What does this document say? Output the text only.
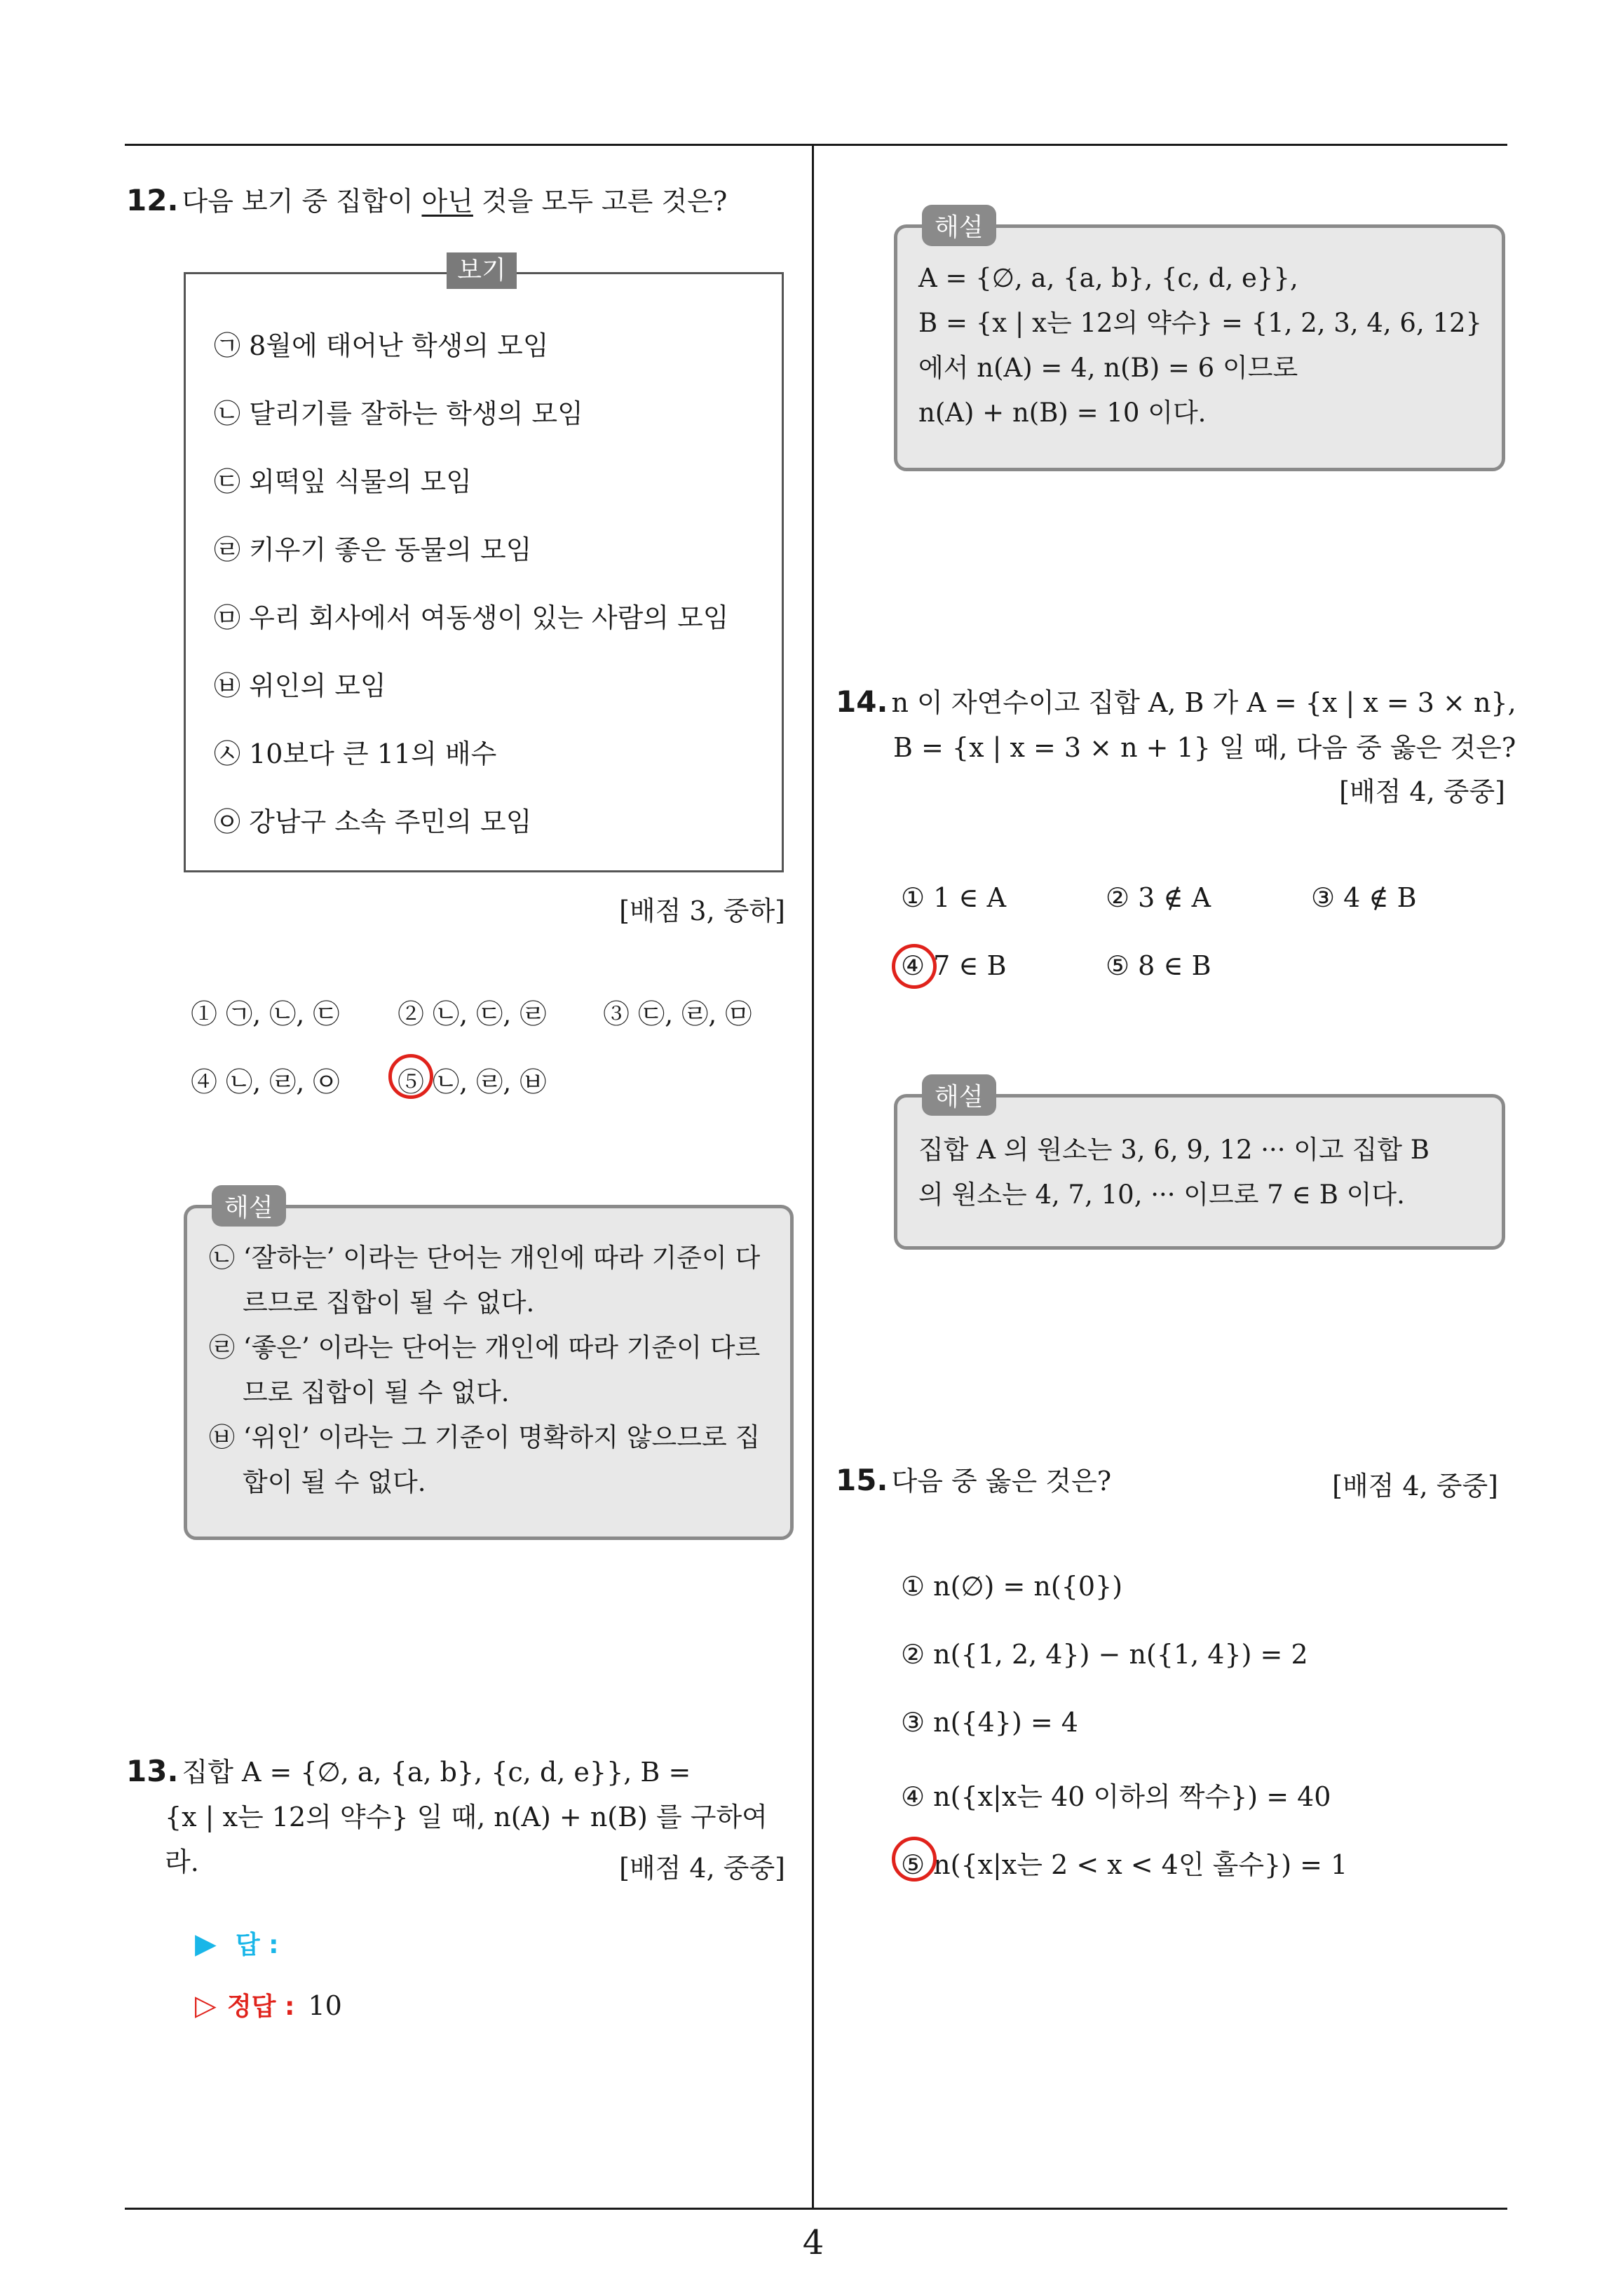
4
12. 다음 보기 중 집합이 아닌 것을 모두 고른 것은?
보기
㉠ 8월에 태어난 학생의 모임
㉡ 달리기를 잘하는 학생의 모임
㉢ 외떡잎 식물의 모임
㉣ 키우기 좋은 동물의 모임
㉤ 우리 회사에서 여동생이 있는 사람의 모임
㉥ 위인의 모임
㉦ 10보다 큰 11의 배수
㉧ 강남구 소속 주민의 모임
[배점 3, 중하]
① ㉠, ㉡, ㉢ ② ㉡, ㉢, ㉣ ③ ㉢, ㉣, ㉤
④ ㉡, ㉣, ㉧ ⑤ ㉡, ㉣, ㉥
해설
㉡ ‘잘하는’ 이라는 단어는 개인에 따라 기준이 다
르므로 집합이 될 수 없다.
㉣ ‘좋은’ 이라는 단어는 개인에 따라 기준이 다르
므로 집합이 될 수 없다.
㉥ ‘위인’ 이라는 그 기준이 명확하지 않으므로 집
합이 될 수 없다.
13. 집합 A = {∅, a, {a, b}, {c, d, e}}, B =
{x | x는 12의 약수} 일 때, n(A) + n(B) 를 구하여
라.	[배점 4, 중중]
▶ 답 :
▷ 정답 : 10
해설
A = {∅, a, {a, b}, {c, d, e}},
B = {x | x는 12의 약수} = {1, 2, 3, 4, 6, 12}
에서 n(A) = 4, n(B) = 6 이므로
n(A) + n(B) = 10 이다.
14. n 이 자연수이고 집합 A, B 가 A = {x | x = 3 × n},
B = {x | x = 3 × n + 1} 일 때, 다음 중 옳은 것은?
[배점 4, 중중]
① 1 ∈ A	② 3 ∉ A	③ 4 ∉ B
④ 7 ∈ B	⑤ 8 ∈ B
해설
집합 A 의 원소는 3, 6, 9, 12 ··· 이고 집합 B
의 원소는 4, 7, 10, ··· 이므로 7 ∈ B 이다.
15. 다음 중 옳은 것은?	[배점 4, 중중]
① n(∅) = n({0})
② n({1, 2, 4}) − n({1, 4}) = 2
③ n({4}) = 4
④ n({x|x는 40 이하의 짝수}) = 40
⑤ n({x|x는 2 < x < 4인 홀수}) = 1
